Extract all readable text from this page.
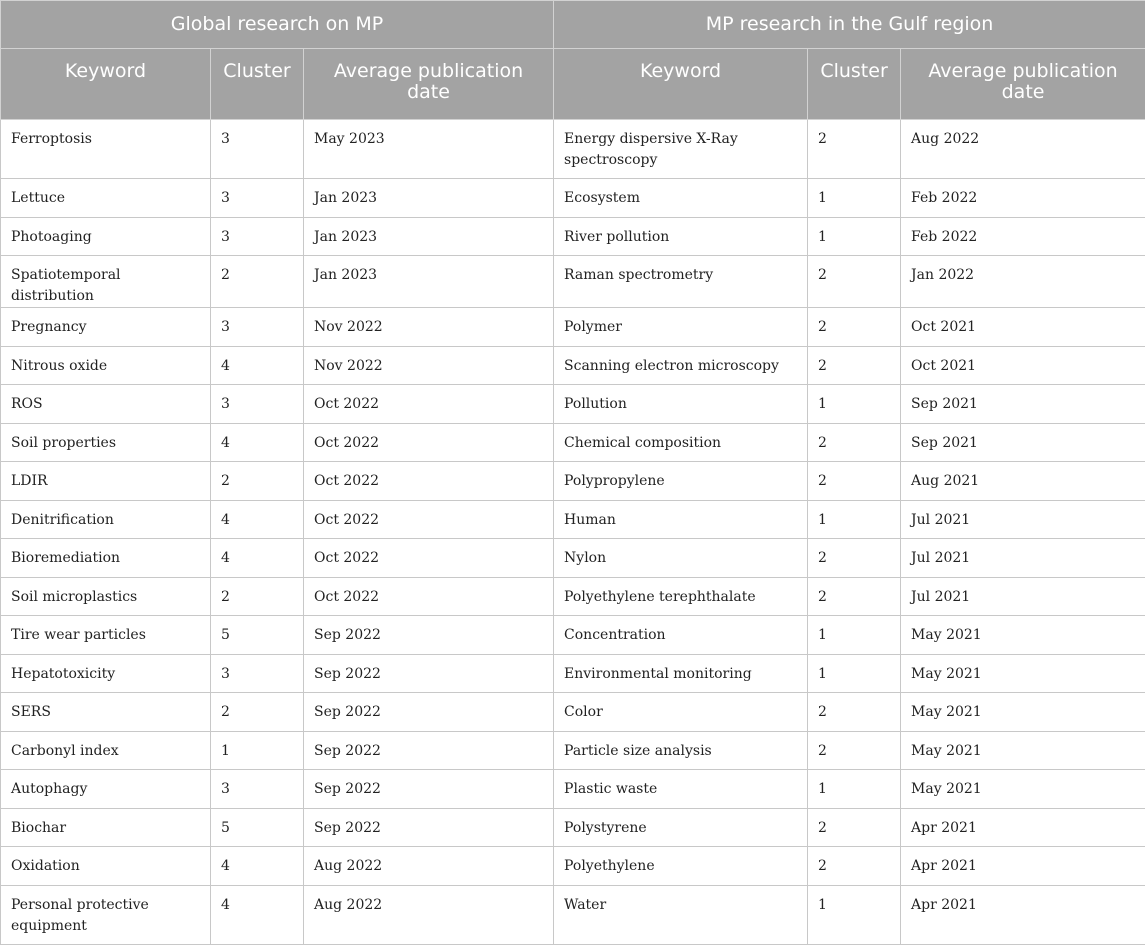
Global research on MP			MP research in the Gulf region		
Keyword	Cluster	Average publication date	Keyword	Cluster	Average publication date
Ferroptosis	3	May 2023	Energy dispersive X-Ray spectroscopy	2	Aug 2022
Lettuce	3	Jan 2023	Ecosystem	1	Feb 2022
Photoaging	3	Jan 2023	River pollution	1	Feb 2022
Spatiotemporal distribution	2	Jan 2023	Raman spectrometry	2	Jan 2022
Pregnancy	3	Nov 2022	Polymer	2	Oct 2021
Nitrous oxide	4	Nov 2022	Scanning electron microscopy	2	Oct 2021
ROS	3	Oct 2022	Pollution	1	Sep 2021
Soil properties	4	Oct 2022	Chemical composition	2	Sep 2021
LDIR	2	Oct 2022	Polypropylene	2	Aug 2021
Denitrification	4	Oct 2022	Human	1	Jul 2021
Bioremediation	4	Oct 2022	Nylon	2	Jul 2021
Soil microplastics	2	Oct 2022	Polyethylene terephthalate	2	Jul 2021
Tire wear particles	5	Sep 2022	Concentration	1	May 2021
Hepatotoxicity	3	Sep 2022	Environmental monitoring	1	May 2021
SERS	2	Sep 2022	Color	2	May 2021
Carbonyl index	1	Sep 2022	Particle size analysis	2	May 2021
Autophagy	3	Sep 2022	Plastic waste	1	May 2021
Biochar	5	Sep 2022	Polystyrene	2	Apr 2021
Oxidation	4	Aug 2022	Polyethylene	2	Apr 2021
Personal protective equipment	4	Aug 2022	Water	1	Apr 2021
